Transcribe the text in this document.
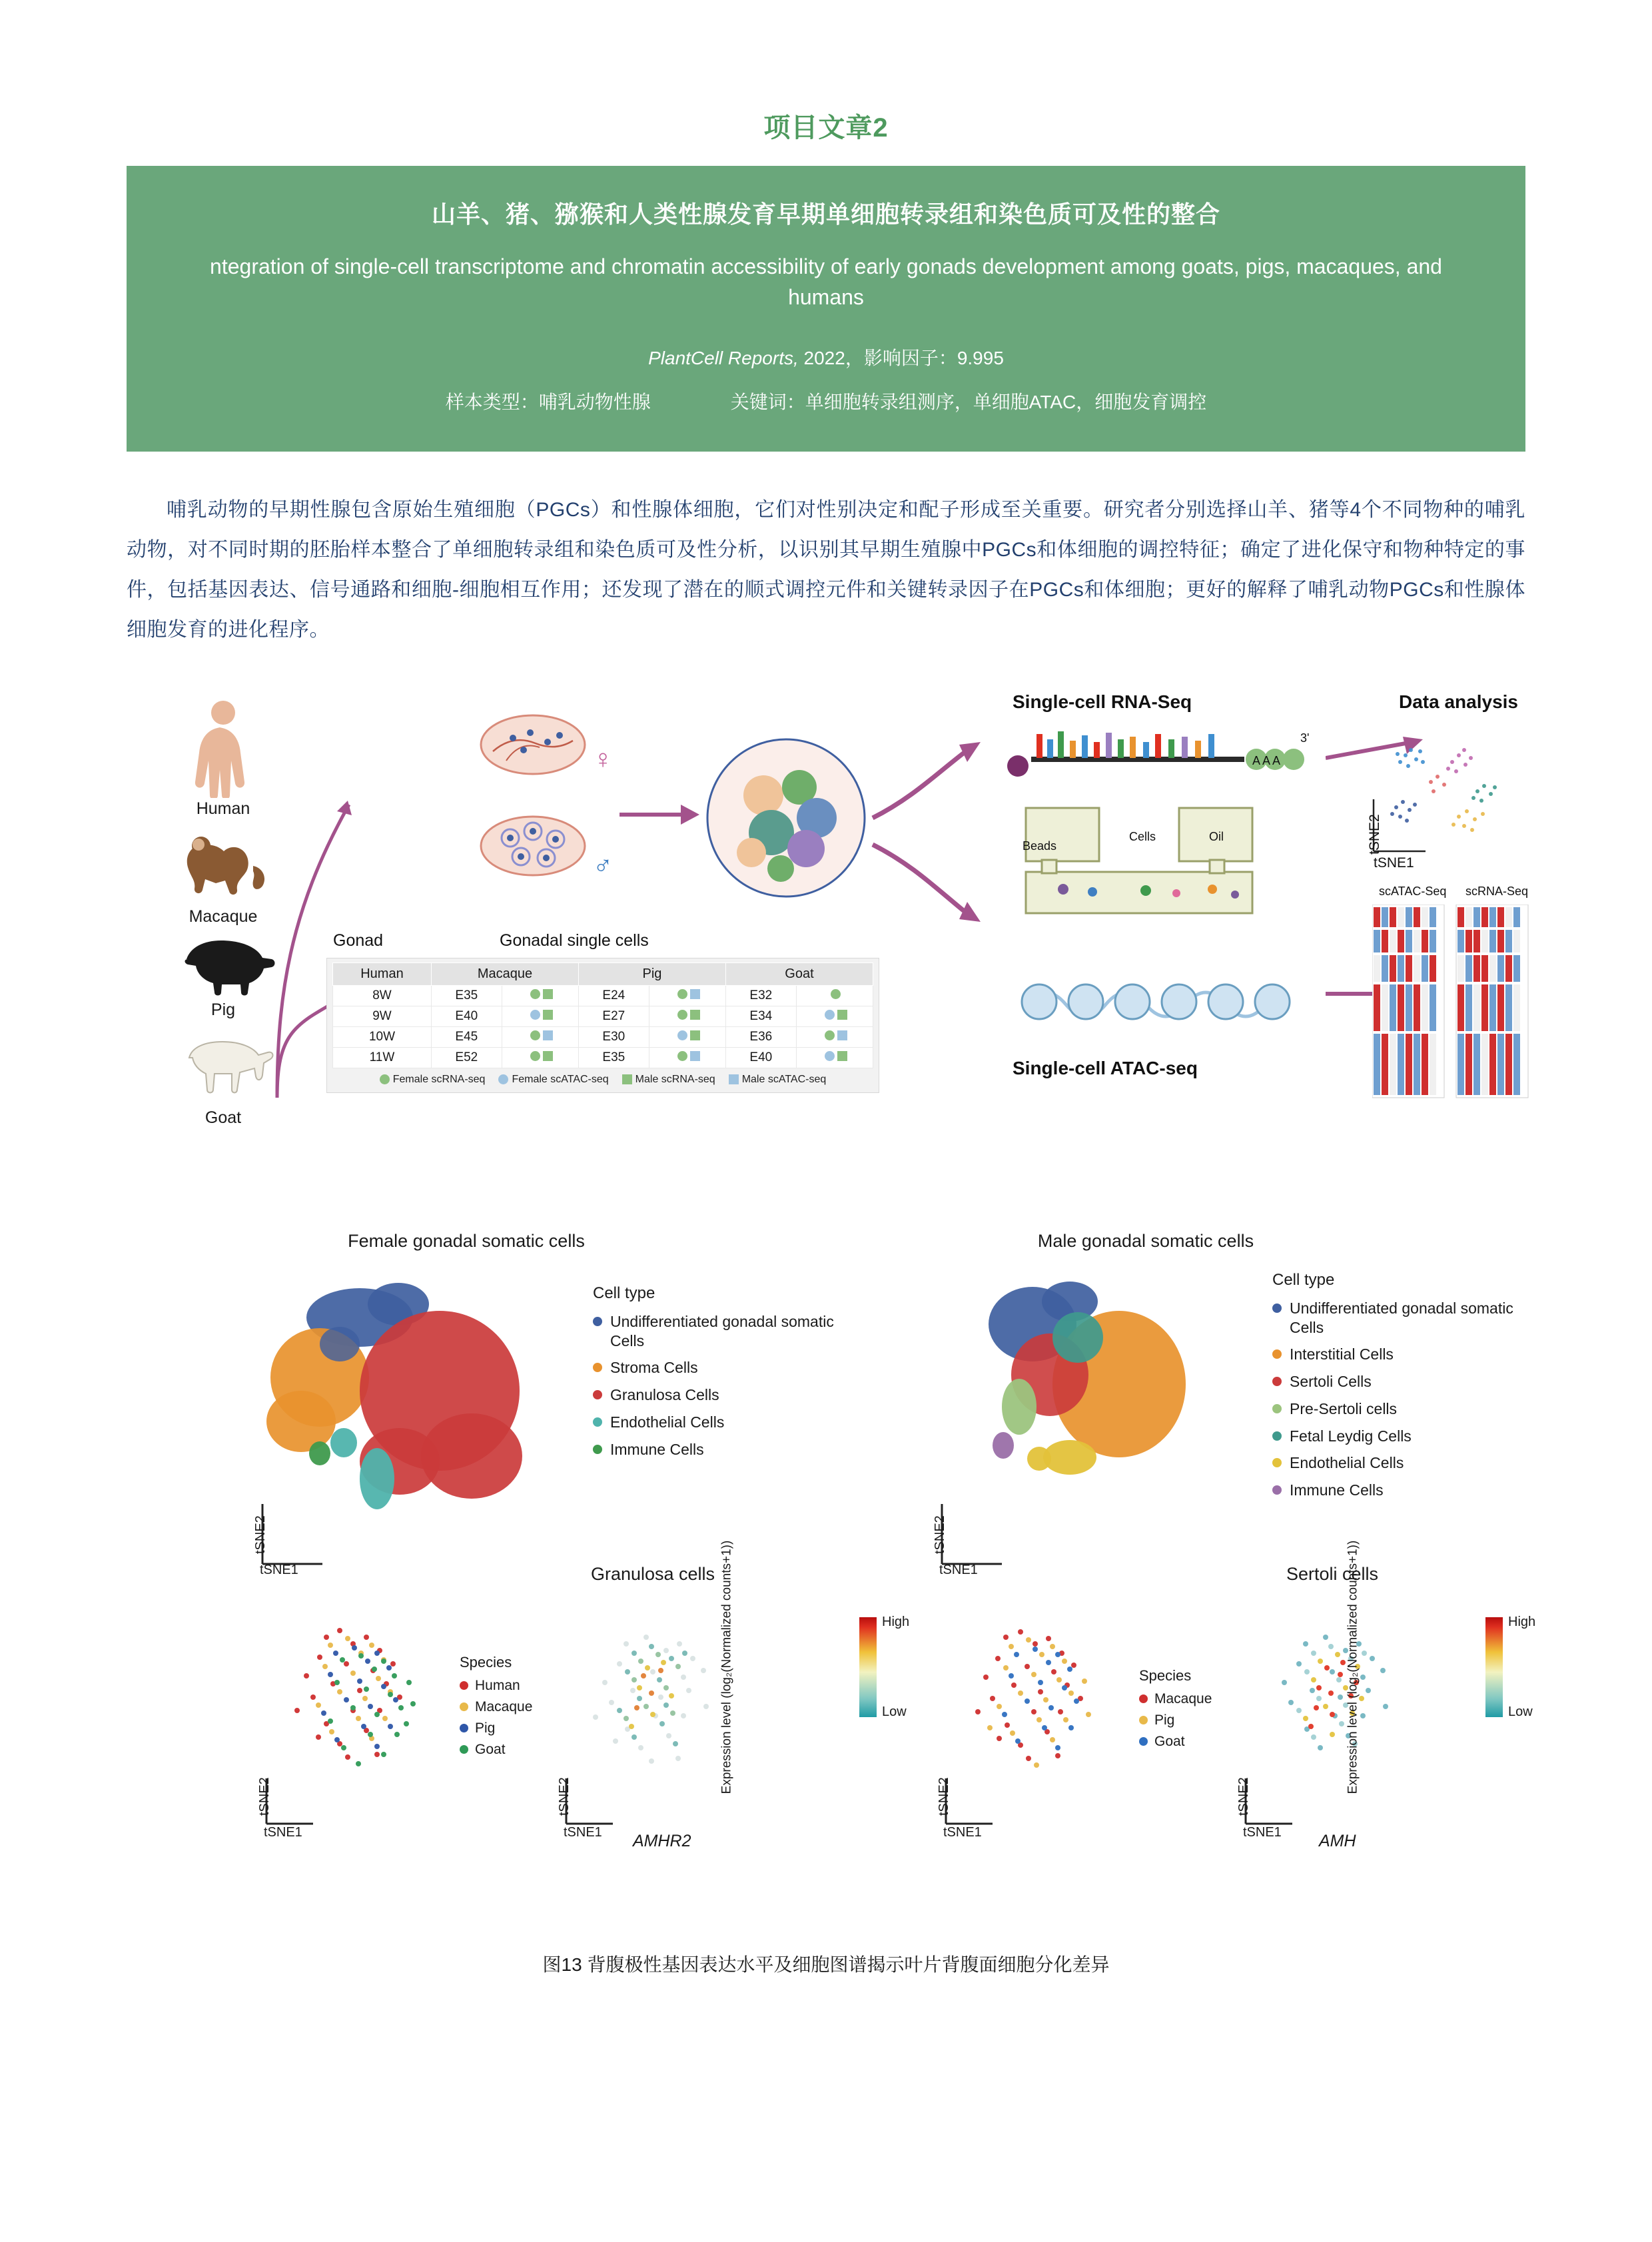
项目文章2
山羊、猪、猕猴和人类性腺发育早期单细胞转录组和染色质可及性的整合
ntegration of single-cell transcriptome and chromatin accessibility of early gonads development among goats, pigs, macaques, and humans
PlantCell Reports, 2022，影响因子：9.995
样本类型：哺乳动物性腺	关键词：单细胞转录组测序，单细胞ATAC，细胞发育调控
哺乳动物的早期性腺包含原始生殖细胞（PGCs）和性腺体细胞，它们对性别决定和配子形成至关重要。研究者分别选择山羊、猪等4个不同物种的哺乳动物，对不同时期的胚胎样本整合了单细胞转录组和染色质可及性分析，以识别其早期生殖腺中PGCs和体细胞的调控特征；确定了进化保守和物种特定的事件，包括基因表达、信号通路和细胞-细胞相互作用；还发现了潜在的顺式调控元件和关键转录因子在PGCs和体细胞；更好的解释了哺乳动物PGCs和性腺体细胞发育的进化程序。
Human
Macaque
Pig
Goat
♀
♂
Single-cell RNA-Seq
A A A
3'
Beads
Cells	Oil
Single-cell ATAC-seq
Data analysis
tSNE2
tSNE1
scATAC-Seq scRNA-Seq
Gonad	Gonadal single cells
Human	Macaque		Pig		Goat	
8W	E35		E24		E32	

9W	E40		E27		E34	

10W	E45		E30		E36	

11W	E52		E35		E40	
Female scRNA-seq	Female scATAC-seq	Male scRNA-seq	Male scATAC-seq
Female gonadal somatic cells
tSNE2
tSNE1
Cell type
Undifferentiated gonadal somatic Cells
Stroma Cells
Granulosa Cells
Endothelial Cells
Immune Cells
tSNE2
tSNE1
Species
Human
Macaque
Pig
Goat
Granulosa cells
tSNE2
tSNE1 AMHR2
High
Low
Expression level (log₂(Normalized counts+1))
Male gonadal somatic cells
tSNE2
tSNE1
Cell type
Undifferentiated gonadal somatic Cells
Interstitial Cells
Sertoli Cells
Pre-Sertoli cells
Fetal Leydig Cells
Endothelial Cells
Immune Cells
tSNE2
tSNE1
Species
Macaque
Pig
Goat
Sertoli cells
tSNE2
tSNE1 AMH
High
Low
Expression level (log₂(Normalized counts+1))
图13 背腹极性基因表达水平及细胞图谱揭示叶片背腹面细胞分化差异
